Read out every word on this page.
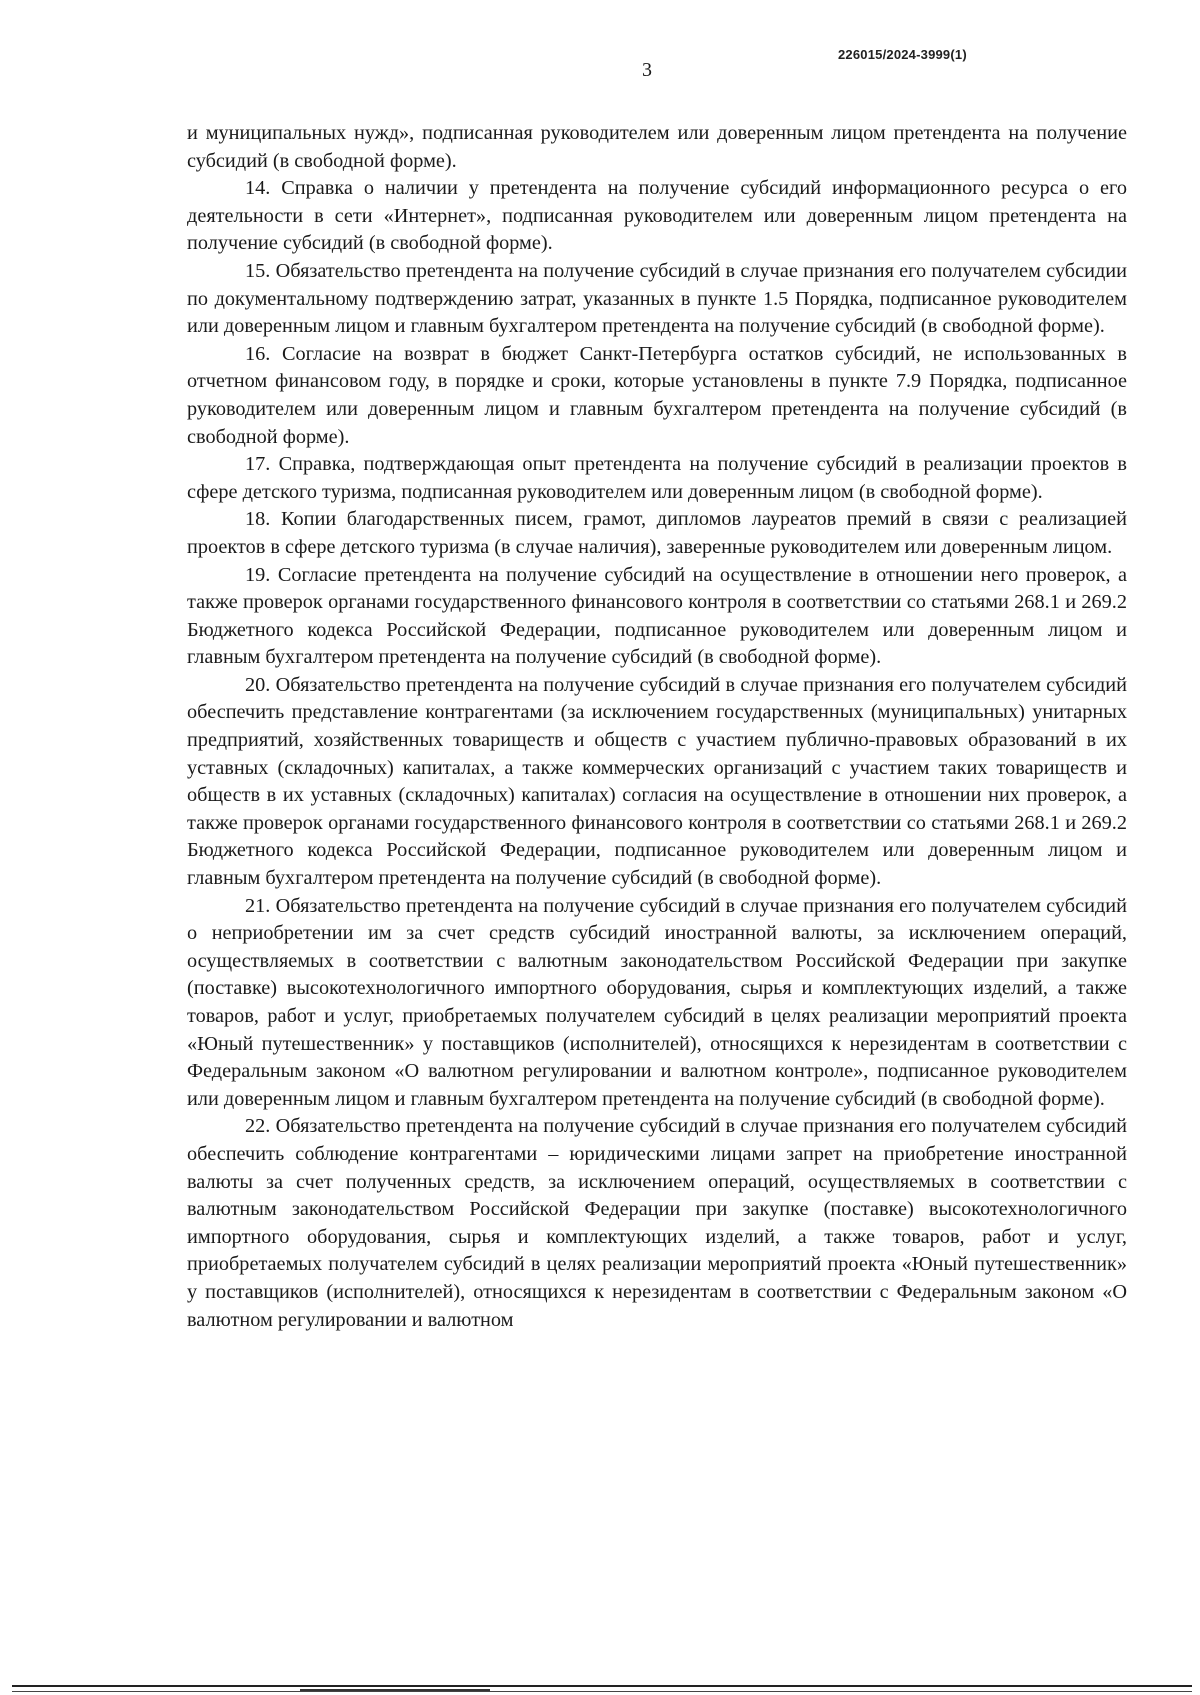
226015/2024-3999(1)
3

и муниципальных нужд», подписанная руководителем или доверенным лицом претендента на получение субсидий (в свободной форме).

14. Справка о наличии у претендента на получение субсидий информационного ресурса о его деятельности в сети «Интернет», подписанная руководителем или доверенным лицом претендента на получение субсидий (в свободной форме).

15. Обязательство претендента на получение субсидий в случае признания его получателем субсидии по документальному подтверждению затрат, указанных в пункте 1.5 Порядка, подписанное руководителем или доверенным лицом и главным бухгалтером претендента на получение субсидий (в свободной форме).

16. Согласие на возврат в бюджет Санкт-Петербурга остатков субсидий, не использованных в отчетном финансовом году, в порядке и сроки, которые установлены в пункте 7.9 Порядка, подписанное руководителем или доверенным лицом и главным бухгалтером претендента на получение субсидий (в свободной форме).

17. Справка, подтверждающая опыт претендента на получение субсидий в реализации проектов в сфере детского туризма, подписанная руководителем или доверенным лицом (в свободной форме).

18. Копии благодарственных писем, грамот, дипломов лауреатов премий в связи с реализацией проектов в сфере детского туризма (в случае наличия), заверенные руководителем или доверенным лицом.

19. Согласие претендента на получение субсидий на осуществление в отношении него проверок, а также проверок органами государственного финансового контроля в соответствии со статьями 268.1 и 269.2 Бюджетного кодекса Российской Федерации, подписанное руководителем или доверенным лицом и главным бухгалтером претендента на получение субсидий (в свободной форме).

20. Обязательство претендента на получение субсидий в случае признания его получателем субсидий обеспечить представление контрагентами (за исключением государственных (муниципальных) унитарных предприятий, хозяйственных товариществ и обществ с участием публично-правовых образований в их уставных (складочных) капиталах, а также коммерческих организаций с участием таких товариществ и обществ в их уставных (складочных) капиталах) согласия на осуществление в отношении них проверок, а также проверок органами государственного финансового контроля в соответствии со статьями 268.1 и 269.2 Бюджетного кодекса Российской Федерации, подписанное руководителем или доверенным лицом и главным бухгалтером претендента на получение субсидий (в свободной форме).

21. Обязательство претендента на получение субсидий в случае признания его получателем субсидий о неприобретении им за счет средств субсидий иностранной валюты, за исключением операций, осуществляемых в соответствии с валютным законодательством Российской Федерации при закупке (поставке) высокотехнологичного импортного оборудования, сырья и комплектующих изделий, а также товаров, работ и услуг, приобретаемых получателем субсидий в целях реализации мероприятий проекта «Юный путешественник» у поставщиков (исполнителей), относящихся к нерезидентам в соответствии с Федеральным законом «О валютном регулировании и валютном контроле», подписанное руководителем или доверенным лицом и главным бухгалтером претендента на получение субсидий (в свободной форме).

22. Обязательство претендента на получение субсидий в случае признания его получателем субсидий обеспечить соблюдение контрагентами – юридическими лицами запрет на приобретение иностранной валюты за счет полученных средств, за исключением операций, осуществляемых в соответствии с валютным законодательством Российской Федерации при закупке (поставке) высокотехнологичного импортного оборудования, сырья и комплектующих изделий, а также товаров, работ и услуг, приобретаемых получателем субсидий в целях реализации мероприятий проекта «Юный путешественник» у поставщиков (исполнителей), относящихся к нерезидентам в соответствии с Федеральным законом «О валютном регулировании и валютном
